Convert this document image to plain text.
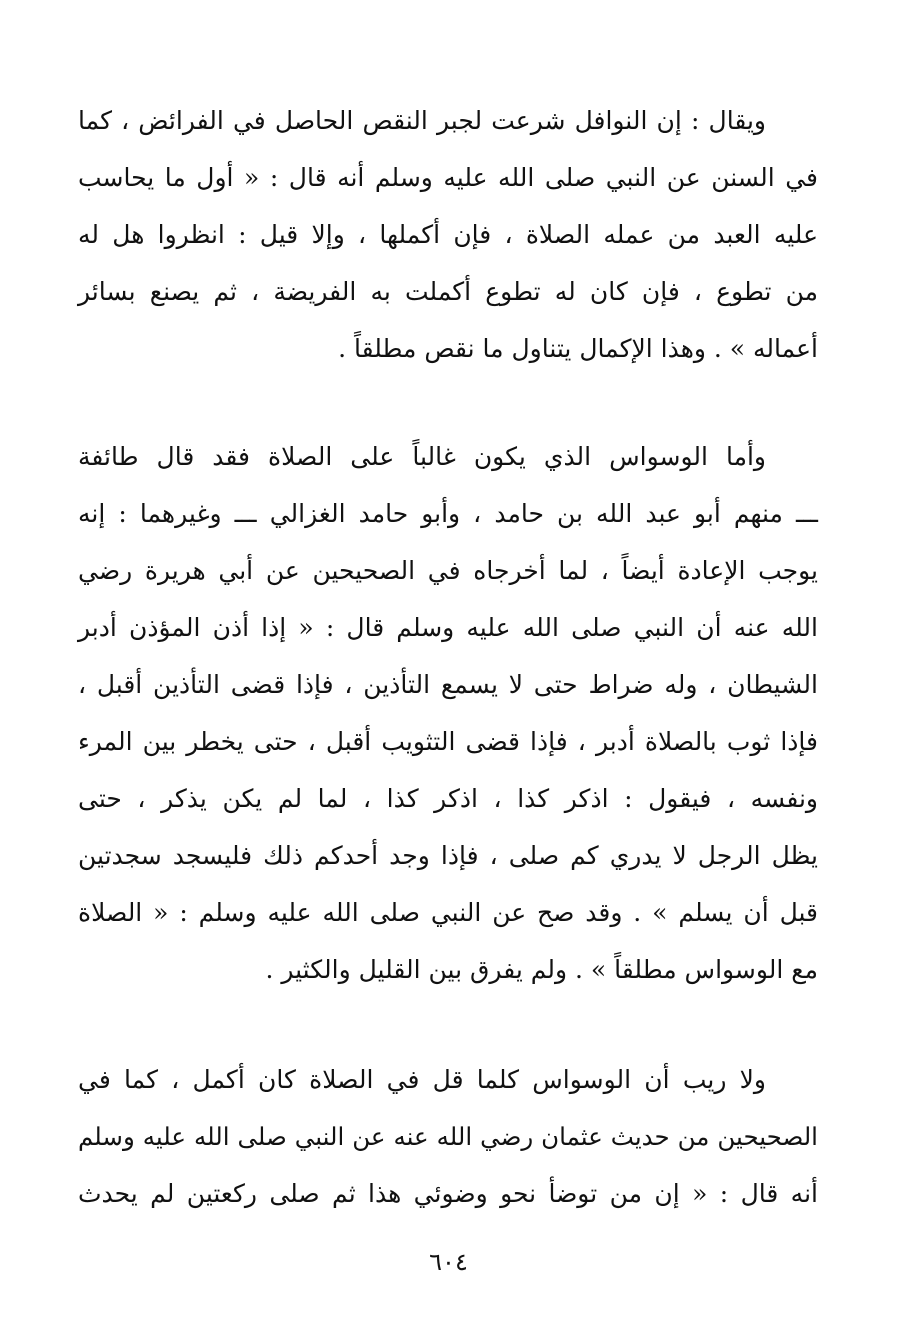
ويقال : إن النوافل شرعت لجبر النقص الحاصل في الفرائض ، كما
في السنن عن النبي صلى الله عليه وسلم أنه قال : « أول ما يحاسب
عليه العبد من عمله الصلاة ، فإن أكملها ، وإلا قيل : انظروا هل له
من تطوع ، فإن كان له تطوع أكملت به الفريضة ، ثم يصنع بسائر
أعماله » . وهذا الإكمال يتناول ما نقص مطلقاً .
وأما الوسواس الذي يكون غالباً على الصلاة فقد قال طائفة
ـــ منهم أبو عبد الله بن حامد ، وأبو حامد الغزالي ـــ وغيرهما : إنه
يوجب الإعادة أيضاً ، لما أخرجاه في الصحيحين عن أبي هريرة رضي
الله عنه أن النبي صلى الله عليه وسلم قال : « إذا أذن المؤذن أدبر
الشيطان ، وله ضراط حتى لا يسمع التأذين ، فإذا قضى التأذين أقبل ،
فإذا ثوب بالصلاة أدبر ، فإذا قضى التثويب أقبل ، حتى يخطر بين المرء
ونفسه ، فيقول : اذكر كذا ، اذكر كذا ، لما لم يكن يذكر ، حتى
يظل الرجل لا يدري كم صلى ، فإذا وجد أحدكم ذلك فليسجد سجدتين
قبل أن يسلم » . وقد صح عن النبي صلى الله عليه وسلم : « الصلاة
مع الوسواس مطلقاً » . ولم يفرق بين القليل والكثير .
ولا ريب أن الوسواس كلما قل في الصلاة كان أكمل ، كما في
الصحيحين من حديث عثمان رضي الله عنه عن النبي صلى الله عليه وسلم
أنه قال : « إن من توضأ نحو وضوئي هذا ثم صلى ركعتين لم يحدث
٦٠٤
